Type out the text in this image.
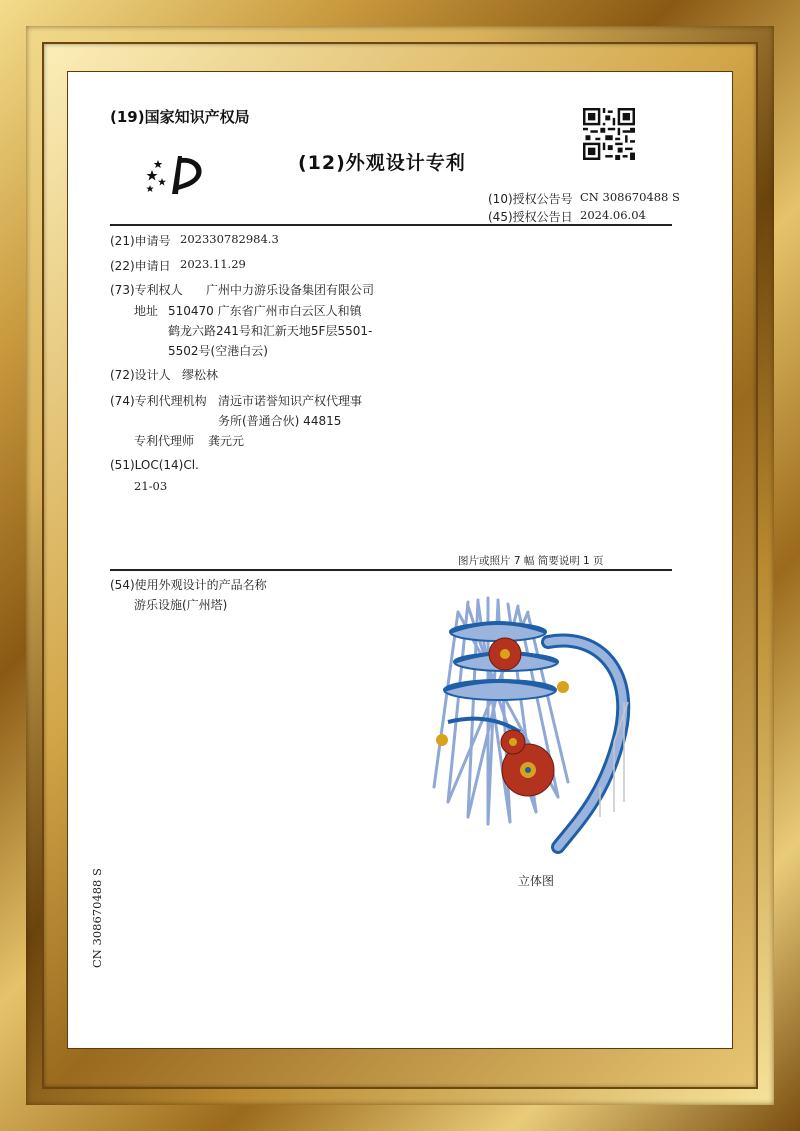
(19)国家知识产权局
(12)外观设计专利
(10)授权公告号 CN 308670488 S
(45)授权公告日 2024.06.04
(21)申请号 202330782984.3
(22)申请日 2023.11.29
(73)专利权人 广州中力游乐设备集团有限公司
地址 510470 广东省广州市白云区人和镇
鹤龙六路241号和汇新天地5F层5501-
5502号(空港白云)
(72)设计人 缪松林
(74)专利代理机构 清远市诺誉知识产权代理事
务所(普通合伙) 44815
专利代理师 龚元元
(51)LOC(14)Cl.
21-03
图片或照片 7 幅 简要说明 1 页
(54)使用外观设计的产品名称
游乐设施(广州塔)
立体图
CN 308670488 S
